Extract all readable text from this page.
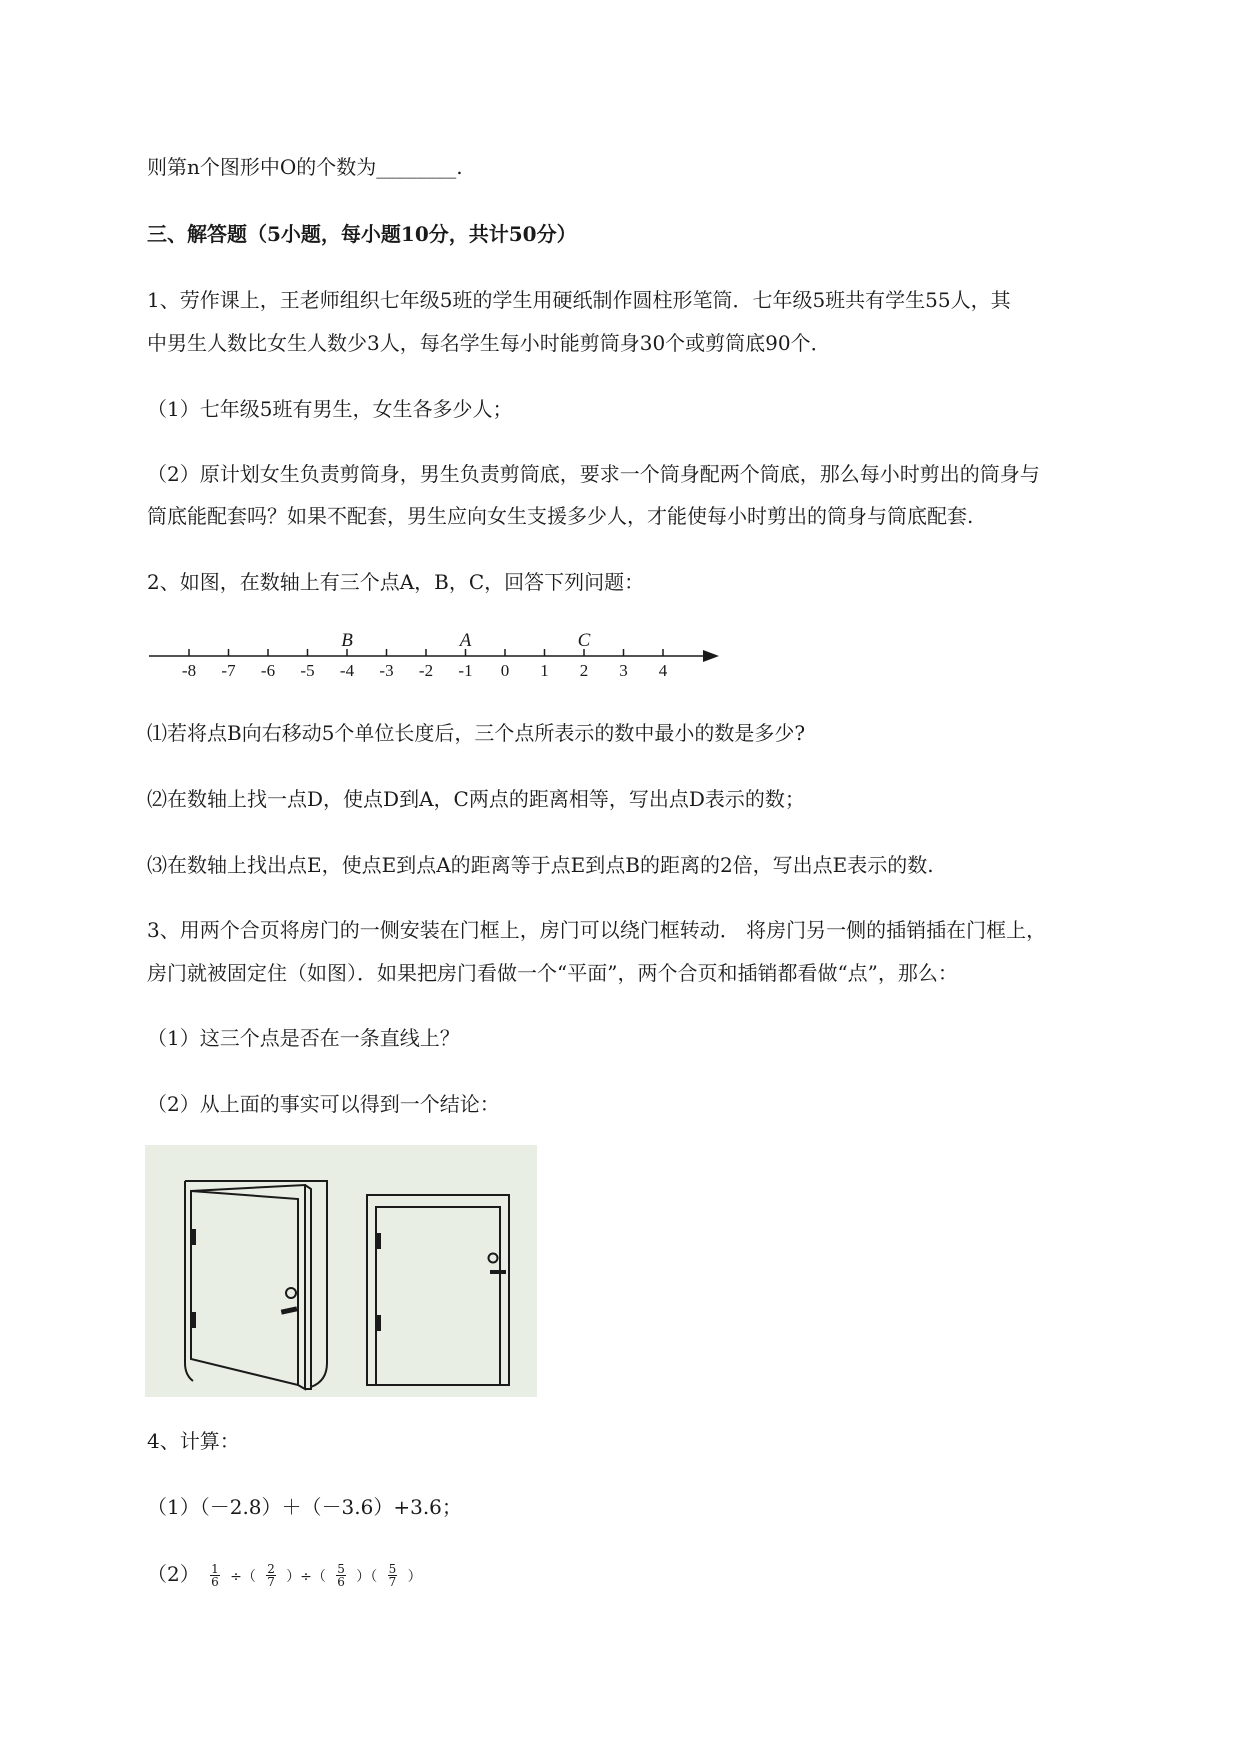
则第n个图形中O的个数为________.
三、解答题（5小题，每小题10分，共计50分）
1、劳作课上，王老师组织七年级5班的学生用硬纸制作圆柱形笔筒．七年级5班共有学生55人，其
中男生人数比女生人数少3人，每名学生每小时能剪筒身30个或剪筒底90个．
（1）七年级5班有男生，女生各多少人；
（2）原计划女生负责剪筒身，男生负责剪筒底，要求一个筒身配两个筒底，那么每小时剪出的筒身与
筒底能配套吗？如果不配套，男生应向女生支援多少人，才能使每小时剪出的筒身与筒底配套.
2、如图，在数轴上有三个点A，B，C，回答下列问题：
-8 -7 -6 -5 -4 -3 -2 -1 0 1 2 3 4
B	A	C
⑴若将点B向右移动5个单位长度后，三个点所表示的数中最小的数是多少?
⑵在数轴上找一点D，使点D到A，C两点的距离相等，写出点D表示的数；
⑶在数轴上找出点E，使点E到点A的距离等于点E到点B的距离的2倍，写出点E表示的数.
3、用两个合页将房门的一侧安装在门框上，房门可以绕门框转动． 将房门另一侧的插销插在门框上，
房门就被固定住（如图）．如果把房门看做一个“平面”，两个合页和插销都看做“点”，那么：
（1）这三个点是否在一条直线上？
（2）从上面的事实可以得到一个结论：
4、计算：
（1）（－2.8）＋（－3.6）+3.6；
$(2) \frac{1}{6}$ ÷（ $\frac{2}{7}$ ）÷（ $\frac{5}{6}$ ）（ $\frac{5}{7}$ ）
